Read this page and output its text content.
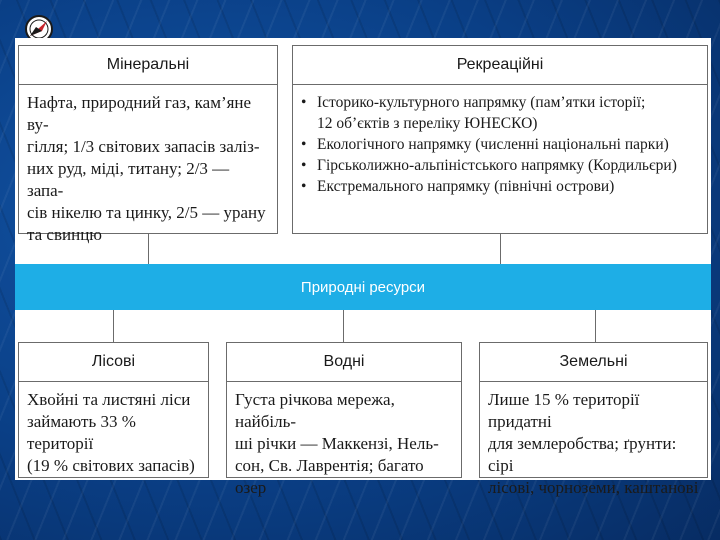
Мінеральні

Нафта, природний газ, кам’яне ву-

гілля; 1/3 світових запасів заліз-

них руд, міді, титану; 2/3 — запа-

сів нікелю та цинку, 2/5 — урану

та свинцю

Рекреаційні
• Історико-культурного напрямку (пам’ятки історії;
12 об’єктів з переліку ЮНЕСКО)
• Екологічного напрямку (численні національні парки)
• Гірськолижно-альпіністського напрямку (Кордильєри)
• Екстремального напрямку (північні острови)
Природні ресурси
Лісові

Хвойні та листяні ліси

займають 33 % території

(19 % світових запасів)

Водні

Густа річкова мережа, найбіль-

ші річки — Маккензі, Нель-

сон, Св. Лаврентія; багато озер

Земельні

Лише 15 % території придатні

для землеробства; ґрунти: сірі

лісові, чорноземи, каштанові
